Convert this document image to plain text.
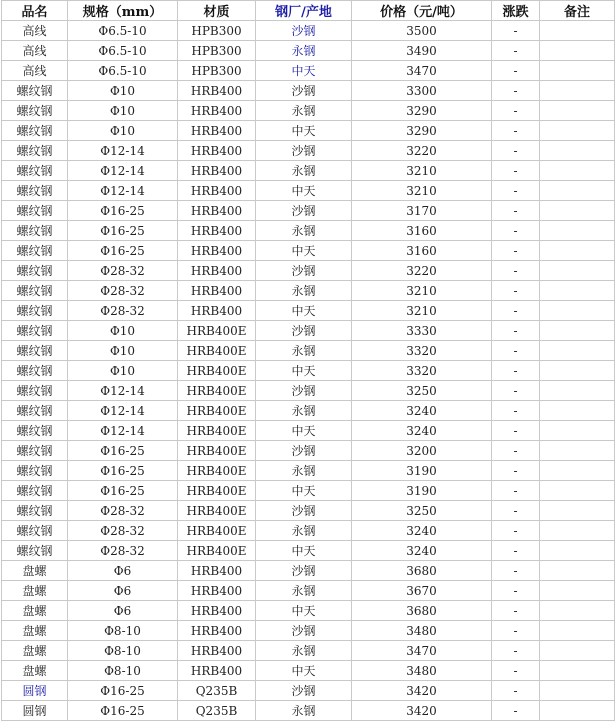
品名	规格（mm）	材质	钢厂/产地	价格（元/吨）	涨跌	备注
高线	Φ6.5-10	HPB300	沙钢	3500	-	
高线	Φ6.5-10	HPB300	永钢	3490	-	
高线	Φ6.5-10	HPB300	中天	3470	-	
螺纹钢	Φ10	HRB400	沙钢	3300	-	
螺纹钢	Φ10	HRB400	永钢	3290	-	
螺纹钢	Φ10	HRB400	中天	3290	-	
螺纹钢	Φ12-14	HRB400	沙钢	3220	-	
螺纹钢	Φ12-14	HRB400	永钢	3210	-	
螺纹钢	Φ12-14	HRB400	中天	3210	-	
螺纹钢	Φ16-25	HRB400	沙钢	3170	-	
螺纹钢	Φ16-25	HRB400	永钢	3160	-	
螺纹钢	Φ16-25	HRB400	中天	3160	-	
螺纹钢	Φ28-32	HRB400	沙钢	3220	-	
螺纹钢	Φ28-32	HRB400	永钢	3210	-	
螺纹钢	Φ28-32	HRB400	中天	3210	-	
螺纹钢	Φ10	HRB400E	沙钢	3330	-	
螺纹钢	Φ10	HRB400E	永钢	3320	-	
螺纹钢	Φ10	HRB400E	中天	3320	-	
螺纹钢	Φ12-14	HRB400E	沙钢	3250	-	
螺纹钢	Φ12-14	HRB400E	永钢	3240	-	
螺纹钢	Φ12-14	HRB400E	中天	3240	-	
螺纹钢	Φ16-25	HRB400E	沙钢	3200	-	
螺纹钢	Φ16-25	HRB400E	永钢	3190	-	
螺纹钢	Φ16-25	HRB400E	中天	3190	-	
螺纹钢	Φ28-32	HRB400E	沙钢	3250	-	
螺纹钢	Φ28-32	HRB400E	永钢	3240	-	
螺纹钢	Φ28-32	HRB400E	中天	3240	-	
盘螺	Φ6	HRB400	沙钢	3680	-	
盘螺	Φ6	HRB400	永钢	3670	-	
盘螺	Φ6	HRB400	中天	3680	-	
盘螺	Φ8-10	HRB400	沙钢	3480	-	
盘螺	Φ8-10	HRB400	永钢	3470	-	
盘螺	Φ8-10	HRB400	中天	3480	-	
圆钢	Φ16-25	Q235B	沙钢	3420	-	
圆钢	Φ16-25	Q235B	永钢	3420	-	
